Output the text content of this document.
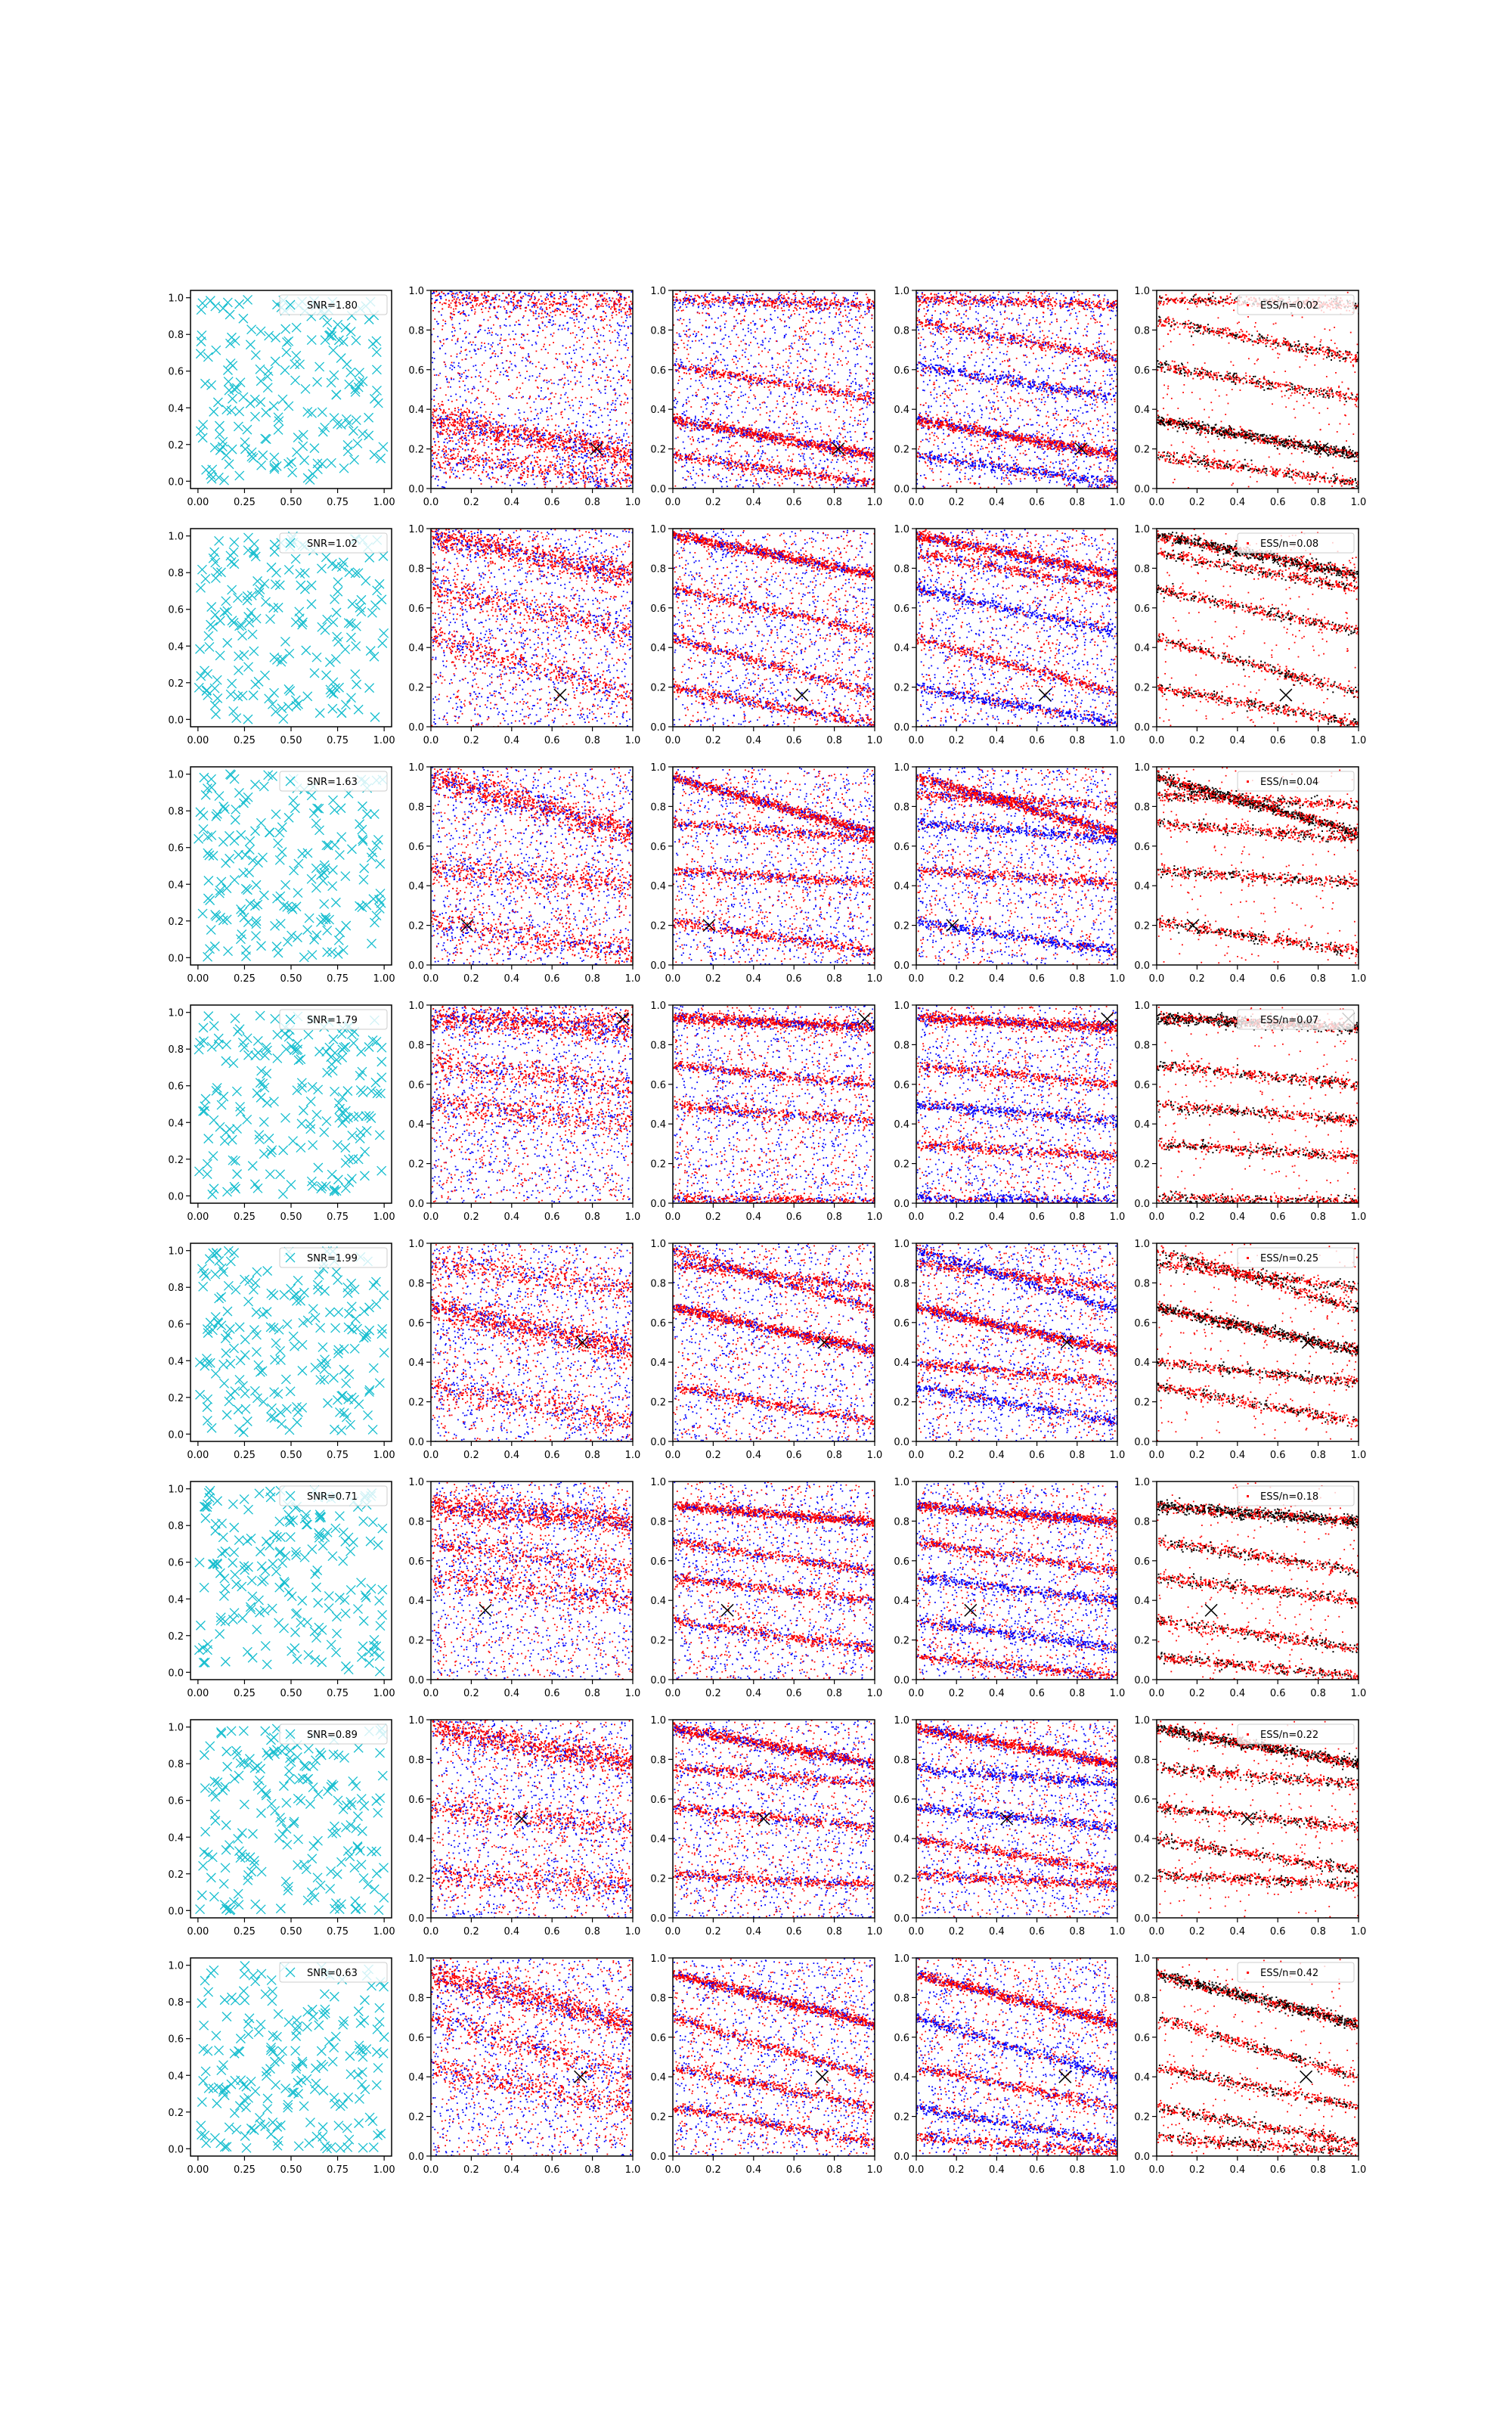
0.0
0.2
0.4
0.6
0.8
1.0
0.00	0.25	0.50	0.75	1.00
SNR=1.80
0.0
0.2
0.4
0.6
0.8
1.0
0.0	0.2	0.4	0.6	0.8	1.0
0.0
0.2
0.4
0.6
0.8
1.0
0.0	0.2	0.4	0.6	0.8	1.0
0.0
0.2
0.4
0.6
0.8
1.0
0.0	0.2	0.4	0.6	0.8	1.0
0.0
0.2
0.4
0.6
0.8
1.0
0.0	0.2	0.4	0.6	0.8	1.0
ESS/n=0.02
0.0
0.2
0.4
0.6
0.8
1.0
0.00	0.25	0.50	0.75	1.00
SNR=1.02
0.0
0.2
0.4
0.6
0.8
1.0
0.0	0.2	0.4	0.6	0.8	1.0
0.0
0.2
0.4
0.6
0.8
1.0
0.0	0.2	0.4	0.6	0.8	1.0
0.0
0.2
0.4
0.6
0.8
1.0
0.0	0.2	0.4	0.6	0.8	1.0
0.0
0.2
0.4
0.6
0.8
1.0
0.0	0.2	0.4	0.6	0.8	1.0
ESS/n=0.08
0.0
0.2
0.4
0.6
0.8
1.0
0.00	0.25	0.50	0.75	1.00
SNR=1.63
0.0
0.2
0.4
0.6
0.8
1.0
0.0	0.2	0.4	0.6	0.8	1.0
0.0
0.2
0.4
0.6
0.8
1.0
0.0	0.2	0.4	0.6	0.8	1.0
0.0
0.2
0.4
0.6
0.8
1.0
0.0	0.2	0.4	0.6	0.8	1.0
0.0
0.2
0.4
0.6
0.8
1.0
0.0	0.2	0.4	0.6	0.8	1.0
ESS/n=0.04
0.0
0.2
0.4
0.6
0.8
1.0
0.00	0.25	0.50	0.75	1.00
SNR=1.79
0.0
0.2
0.4
0.6
0.8
1.0
0.0	0.2	0.4	0.6	0.8	1.0
0.0
0.2
0.4
0.6
0.8
1.0
0.0	0.2	0.4	0.6	0.8	1.0
0.0
0.2
0.4
0.6
0.8
1.0
0.0	0.2	0.4	0.6	0.8	1.0
0.0
0.2
0.4
0.6
0.8
1.0
0.0	0.2	0.4	0.6	0.8	1.0
ESS/n=0.07
0.0
0.2
0.4
0.6
0.8
1.0
0.00	0.25	0.50	0.75	1.00
SNR=1.99
0.0
0.2
0.4
0.6
0.8
1.0
0.0	0.2	0.4	0.6	0.8	1.0
0.0
0.2
0.4
0.6
0.8
1.0
0.0	0.2	0.4	0.6	0.8	1.0
0.0
0.2
0.4
0.6
0.8
1.0
0.0	0.2	0.4	0.6	0.8	1.0
0.0
0.2
0.4
0.6
0.8
1.0
0.0	0.2	0.4	0.6	0.8	1.0
ESS/n=0.25
0.0
0.2
0.4
0.6
0.8
1.0
0.00	0.25	0.50	0.75	1.00
SNR=0.71
0.0
0.2
0.4
0.6
0.8
1.0
0.0	0.2	0.4	0.6	0.8	1.0
0.0
0.2
0.4
0.6
0.8
1.0
0.0	0.2	0.4	0.6	0.8	1.0
0.0
0.2
0.4
0.6
0.8
1.0
0.0	0.2	0.4	0.6	0.8	1.0
0.0
0.2
0.4
0.6
0.8
1.0
0.0	0.2	0.4	0.6	0.8	1.0
ESS/n=0.18
0.0
0.2
0.4
0.6
0.8
1.0
0.00	0.25	0.50	0.75	1.00
SNR=0.89
0.0
0.2
0.4
0.6
0.8
1.0
0.0	0.2	0.4	0.6	0.8	1.0
0.0
0.2
0.4
0.6
0.8
1.0
0.0	0.2	0.4	0.6	0.8	1.0
0.0
0.2
0.4
0.6
0.8
1.0
0.0	0.2	0.4	0.6	0.8	1.0
0.0
0.2
0.4
0.6
0.8
1.0
0.0	0.2	0.4	0.6	0.8	1.0
ESS/n=0.22
0.0
0.2
0.4
0.6
0.8
1.0
0.00	0.25	0.50	0.75	1.00
SNR=0.63
0.0
0.2
0.4
0.6
0.8
1.0
0.0	0.2	0.4	0.6	0.8	1.0
0.0
0.2
0.4
0.6
0.8
1.0
0.0	0.2	0.4	0.6	0.8	1.0
0.0
0.2
0.4
0.6
0.8
1.0
0.0	0.2	0.4	0.6	0.8	1.0
0.0
0.2
0.4
0.6
0.8
1.0
0.0	0.2	0.4	0.6	0.8	1.0
ESS/n=0.42
